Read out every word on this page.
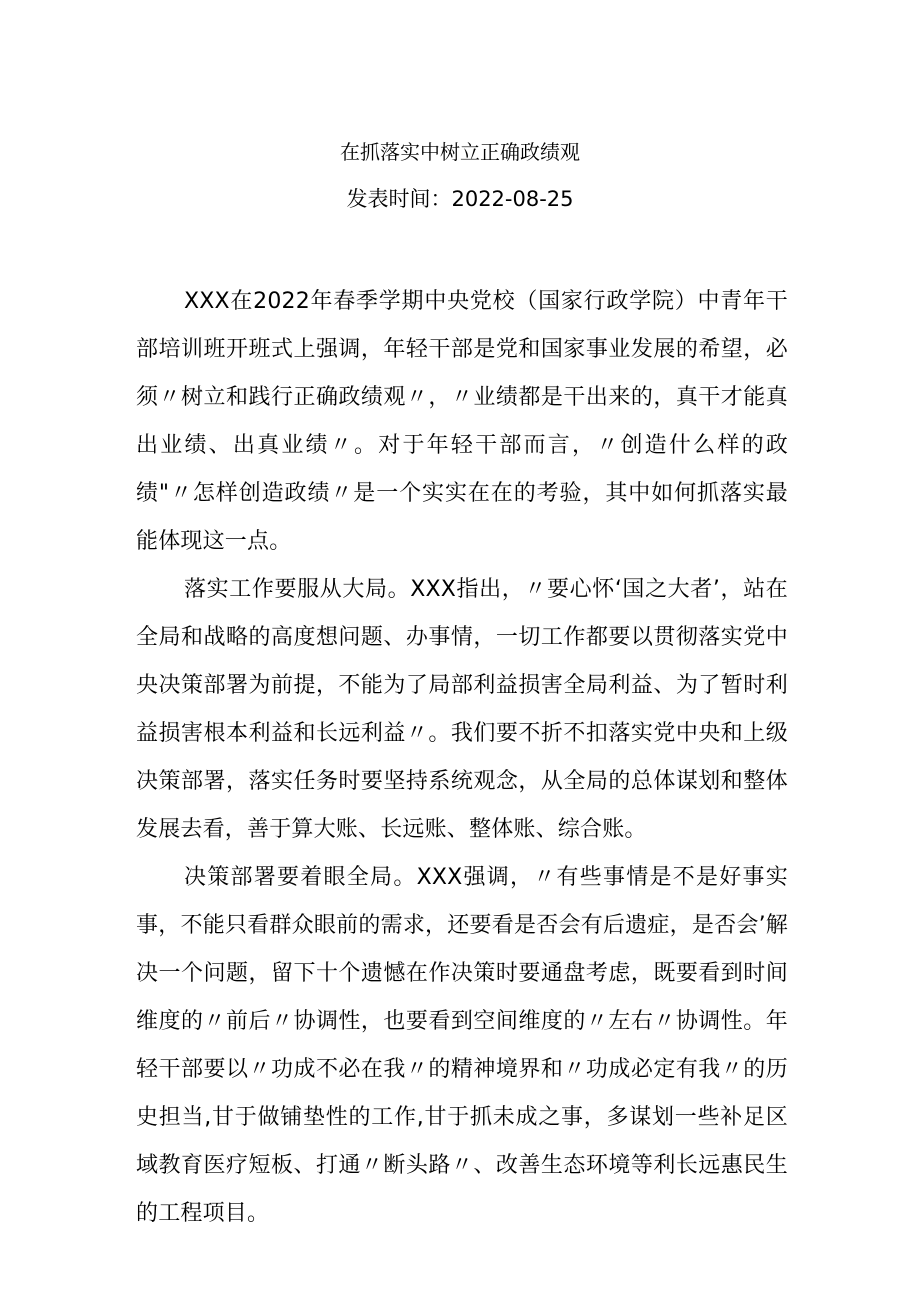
在抓落实中树立正确政绩观
发表时间：2022-08-25

XXX在2022年春季学期中央党校（国家行政学院）中青年干部培训班开班式上强调，年轻干部是党和国家事业发展的希望，必须〃树立和践行正确政绩观〃，〃业绩都是干出来的，真干才能真出业绩、出真业绩〃。对于年轻干部而言，〃创造什么样的政绩"〃怎样创造政绩〃是一个实实在在的考验，其中如何抓落实最能体现这一点。

落实工作要服从大局。XXX指出，〃要心怀‘国之大者’，站在全局和战略的高度想问题、办事情，一切工作都要以贯彻落实党中央决策部署为前提，不能为了局部利益损害全局利益、为了暂时利益损害根本利益和长远利益〃。我们要不折不扣落实党中央和上级决策部署，落实任务时要坚持系统观念，从全局的总体谋划和整体发展去看，善于算大账、长远账、整体账、综合账。

决策部署要着眼全局。XXX强调，〃有些事情是不是好事实事，不能只看群众眼前的需求，还要看是否会有后遗症，是否会’解决一个问题，留下十个遗憾在作决策时要通盘考虑，既要看到时间维度的〃前后〃协调性，也要看到空间维度的〃左右〃协调性。年轻干部要以〃功成不必在我〃的精神境界和〃功成必定有我〃的历史担当,甘于做铺垫性的工作,甘于抓未成之事，多谋划一些补足区域教育医疗短板、打通〃断头路〃、改善生态环境等利长远惠民生的工程项目。
